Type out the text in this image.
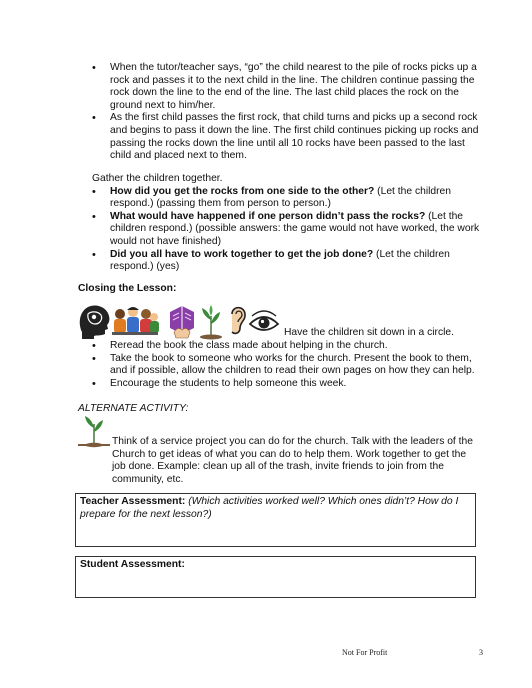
• When the tutor/teacher says, “go” the child nearest to the pile of rocks picks up a rock and passes it to the next child in the line. The children continue passing the rock down the line to the end of the line. The last child places the rock on the ground next to him/her.
• As the first child passes the first rock, that child turns and picks up a second rock and begins to pass it down the line. The first child continues picking up rocks and passing the rocks down the line until all 10 rocks have been passed to the last child and placed next to them.
Gather the children together.
• How did you get the rocks from one side to the other? (Let the children respond.) (passing them from person to person.)
• What would have happened if one person didn’t pass the rocks? (Let the children respond.) (possible answers: the game would not have worked, the work would not have finished)
• Did you all have to work together to get the job done? (Let the children respond.) (yes)
Closing the Lesson:
Have the children sit down in a circle.
• Reread the book the class made about helping in the church.
• Take the book to someone who works for the church. Present the book to them, and if possible, allow the children to read their own pages on how they can help.
• Encourage the students to help someone this week.
ALTERNATE ACTIVITY:
Think of a service project you can do for the church. Talk with the leaders of the Church to get ideas of what you can do to help them. Work together to get the job done. Example: clean up all of the trash, invite friends to join from the community, etc.
Teacher Assessment: (Which activities worked well? Which ones didn’t? How do I prepare for the next lesson?)
Student Assessment:
Not For Profit	3
